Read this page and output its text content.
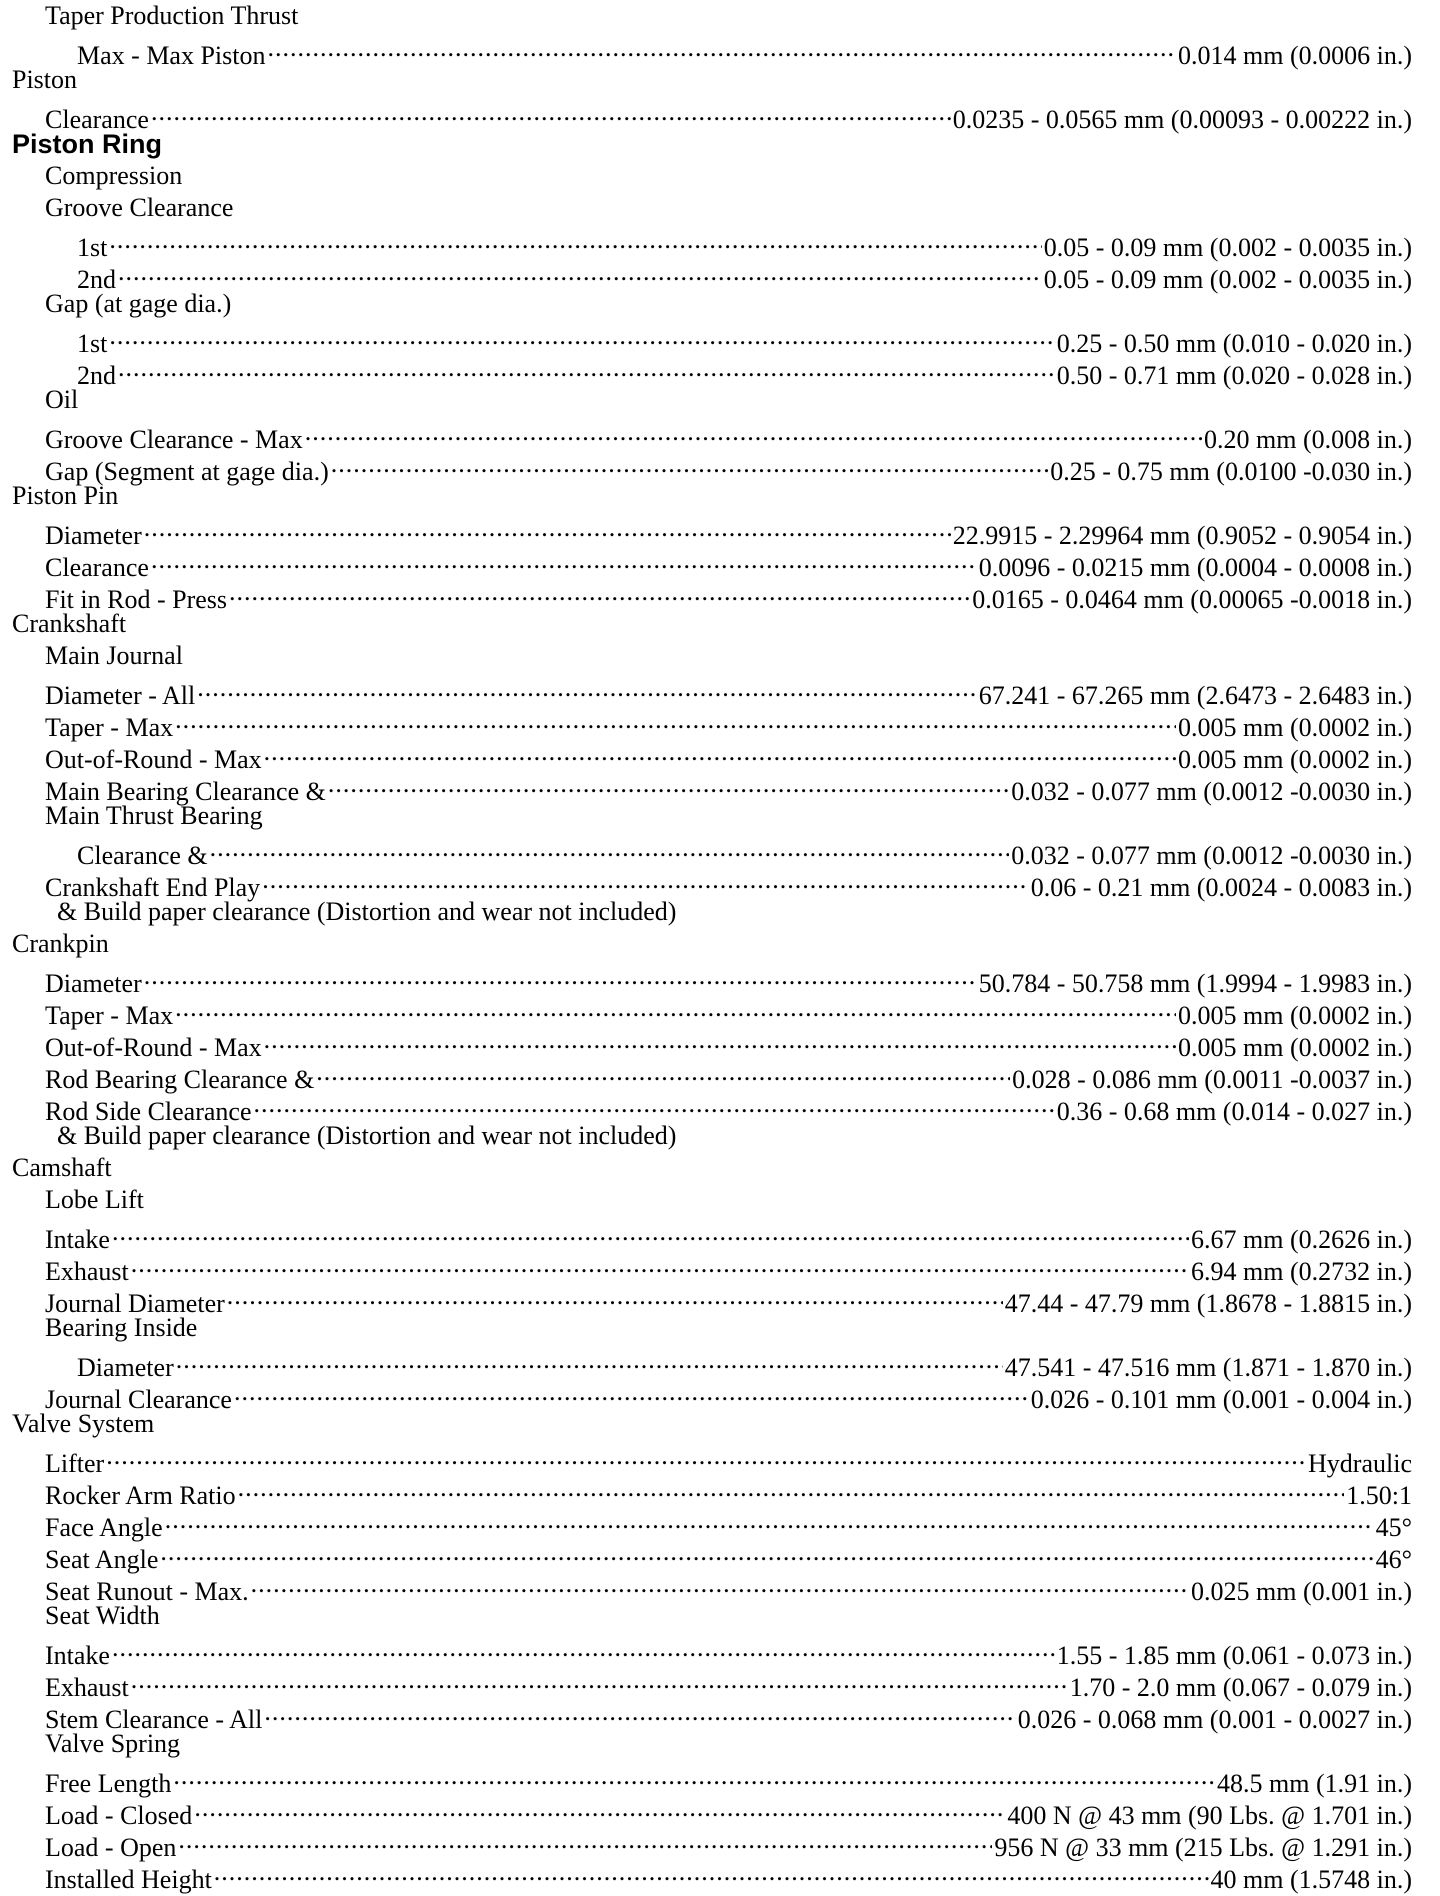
Taper Production Thrust
Max - Max Piston .....	0.014 mm (0.0006 in.)
Piston
Clearance .....	0.0235 - 0.0565 mm (0.00093 - 0.00222 in.)
Piston Ring
Compression
Groove Clearance
1st .....	0.05 - 0.09 mm (0.002 - 0.0035 in.)
2nd .....	0.05 - 0.09 mm (0.002 - 0.0035 in.)
Gap (at gage dia.)
1st .....	0.25 - 0.50 mm (0.010 - 0.020 in.)
2nd .....	0.50 - 0.71 mm (0.020 - 0.028 in.)
Oil
Groove Clearance - Max .....	0.20 mm (0.008 in.)
Gap (Segment at gage dia.) .....	0.25 - 0.75 mm (0.0100 -0.030 in.)
Piston Pin
Diameter .....	22.9915 - 2.29964 mm (0.9052 - 0.9054 in.)
Clearance .....	0.0096 - 0.0215 mm (0.0004 - 0.0008 in.)
Fit in Rod - Press .....	0.0165 - 0.0464 mm (0.00065 -0.0018 in.)
Crankshaft
Main Journal
Diameter - All .....	67.241 - 67.265 mm (2.6473 - 2.6483 in.)
Taper - Max .....	0.005 mm (0.0002 in.)
Out-of-Round - Max .....	0.005 mm (0.0002 in.)
Main Bearing Clearance & .....	0.032 - 0.077 mm (0.0012 -0.0030 in.)
Main Thrust Bearing
Clearance & .....	0.032 - 0.077 mm (0.0012 -0.0030 in.)
Crankshaft End Play .....	0.06 - 0.21 mm (0.0024 - 0.0083 in.)
& Build paper clearance (Distortion and wear not included)
Crankpin
Diameter .....	50.784 - 50.758 mm (1.9994 - 1.9983 in.)
Taper - Max .....	0.005 mm (0.0002 in.)
Out-of-Round - Max .....	0.005 mm (0.0002 in.)
Rod Bearing Clearance & .....	0.028 - 0.086 mm (0.0011 -0.0037 in.)
Rod Side Clearance .....	0.36 - 0.68 mm (0.014 - 0.027 in.)
& Build paper clearance (Distortion and wear not included)
Camshaft
Lobe Lift
Intake .....	6.67 mm (0.2626 in.)
Exhaust .....	6.94 mm (0.2732 in.)
Journal Diameter .....	47.44 - 47.79 mm (1.8678 - 1.8815 in.)
Bearing Inside
Diameter .....	47.541 - 47.516 mm (1.871 - 1.870 in.)
Journal Clearance .....	0.026 - 0.101 mm (0.001 - 0.004 in.)
Valve System
Lifter .....	Hydraulic
Rocker Arm Ratio .....	1.50:1
Face Angle .....	45°
Seat Angle .....	46°
Seat Runout - Max. .....	0.025 mm (0.001 in.)
Seat Width
Intake .....	1.55 - 1.85 mm (0.061 - 0.073 in.)
Exhaust .....	1.70 - 2.0 mm (0.067 - 0.079 in.)
Stem Clearance - All .....	0.026 - 0.068 mm (0.001 - 0.0027 in.)
Valve Spring
Free Length .....	48.5 mm (1.91 in.)
Load - Closed .....	400 N @ 43 mm (90 Lbs. @ 1.701 in.)
Load - Open .....	956 N @ 33 mm (215 Lbs. @ 1.291 in.)
Installed Height .....	40 mm (1.5748 in.)
